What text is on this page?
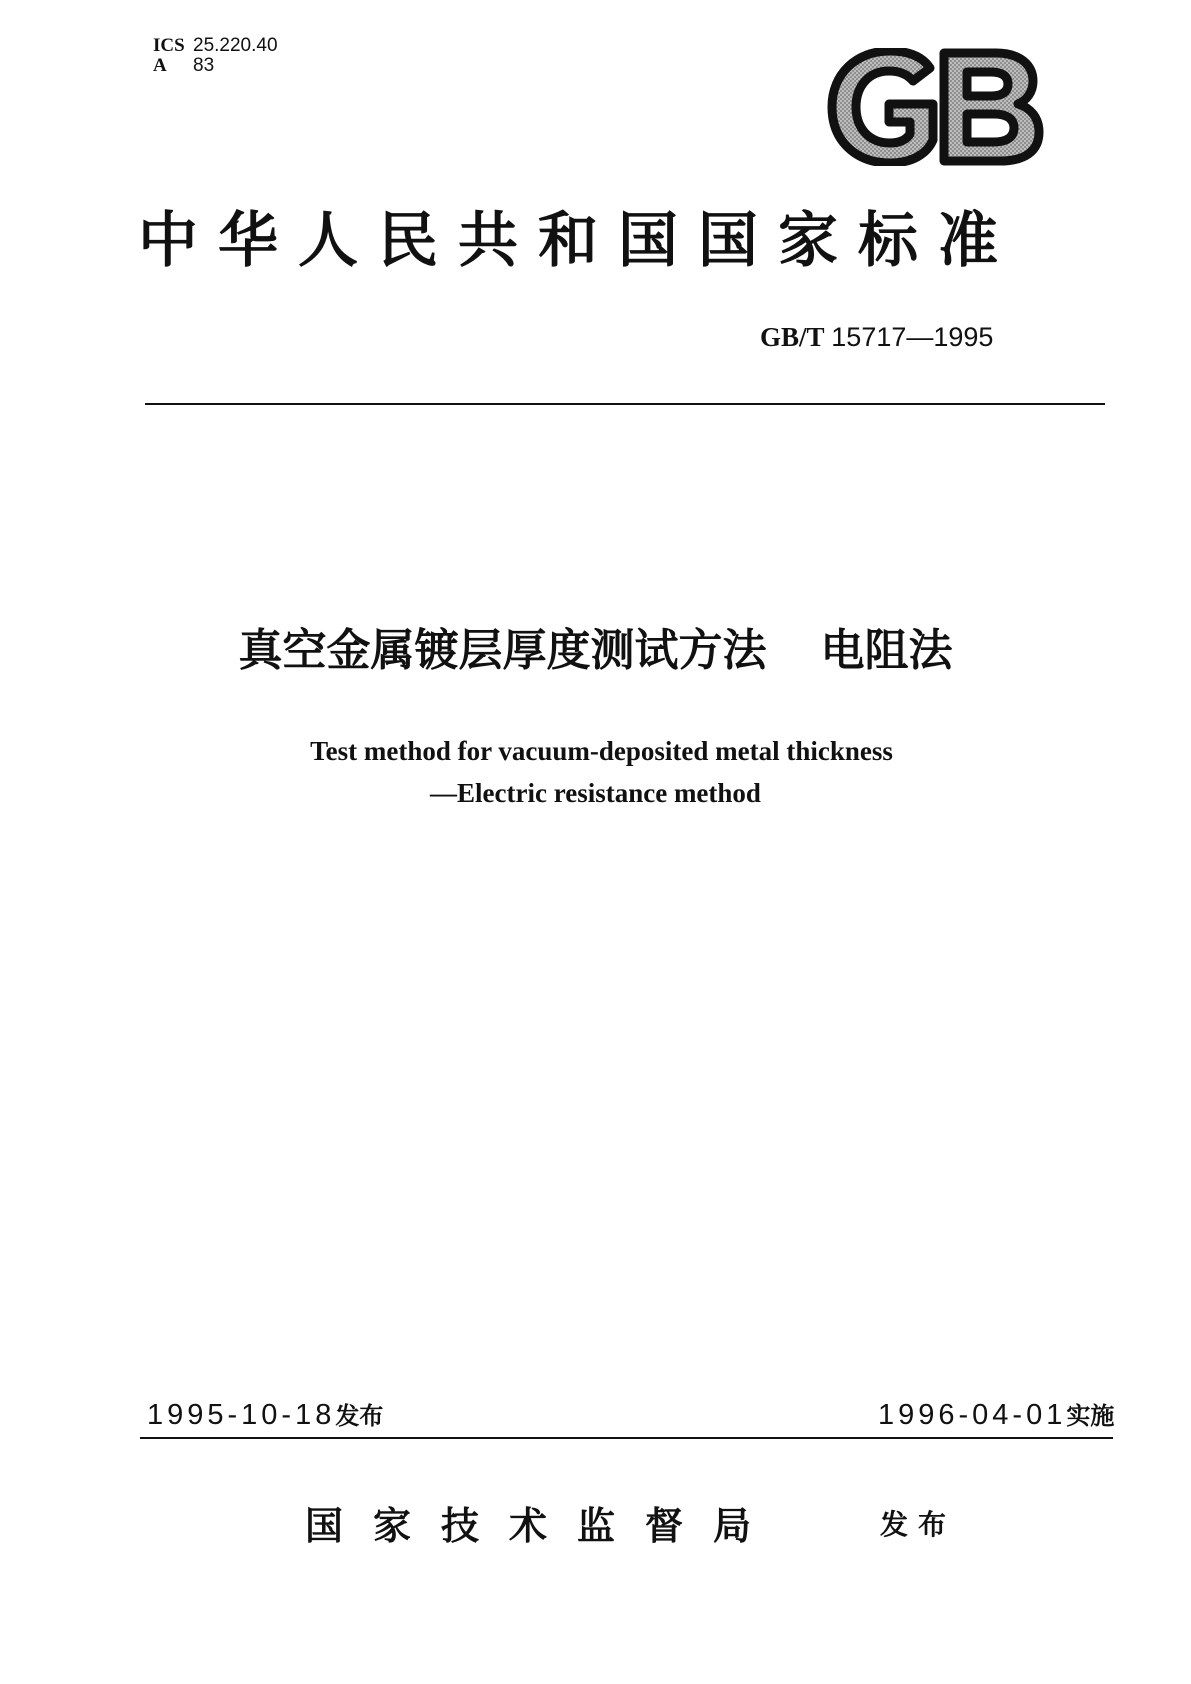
ICS 25.220.40
A 83
中华人民共和国国家标准
GB/T 15717—1995
真空金属镀层厚度测试方法 电阻法
Test method for vacuum-deposited metal thickness
—Electric resistance method
1995-10-18发布	1996-04-01实施
国家技术监督局	发布
